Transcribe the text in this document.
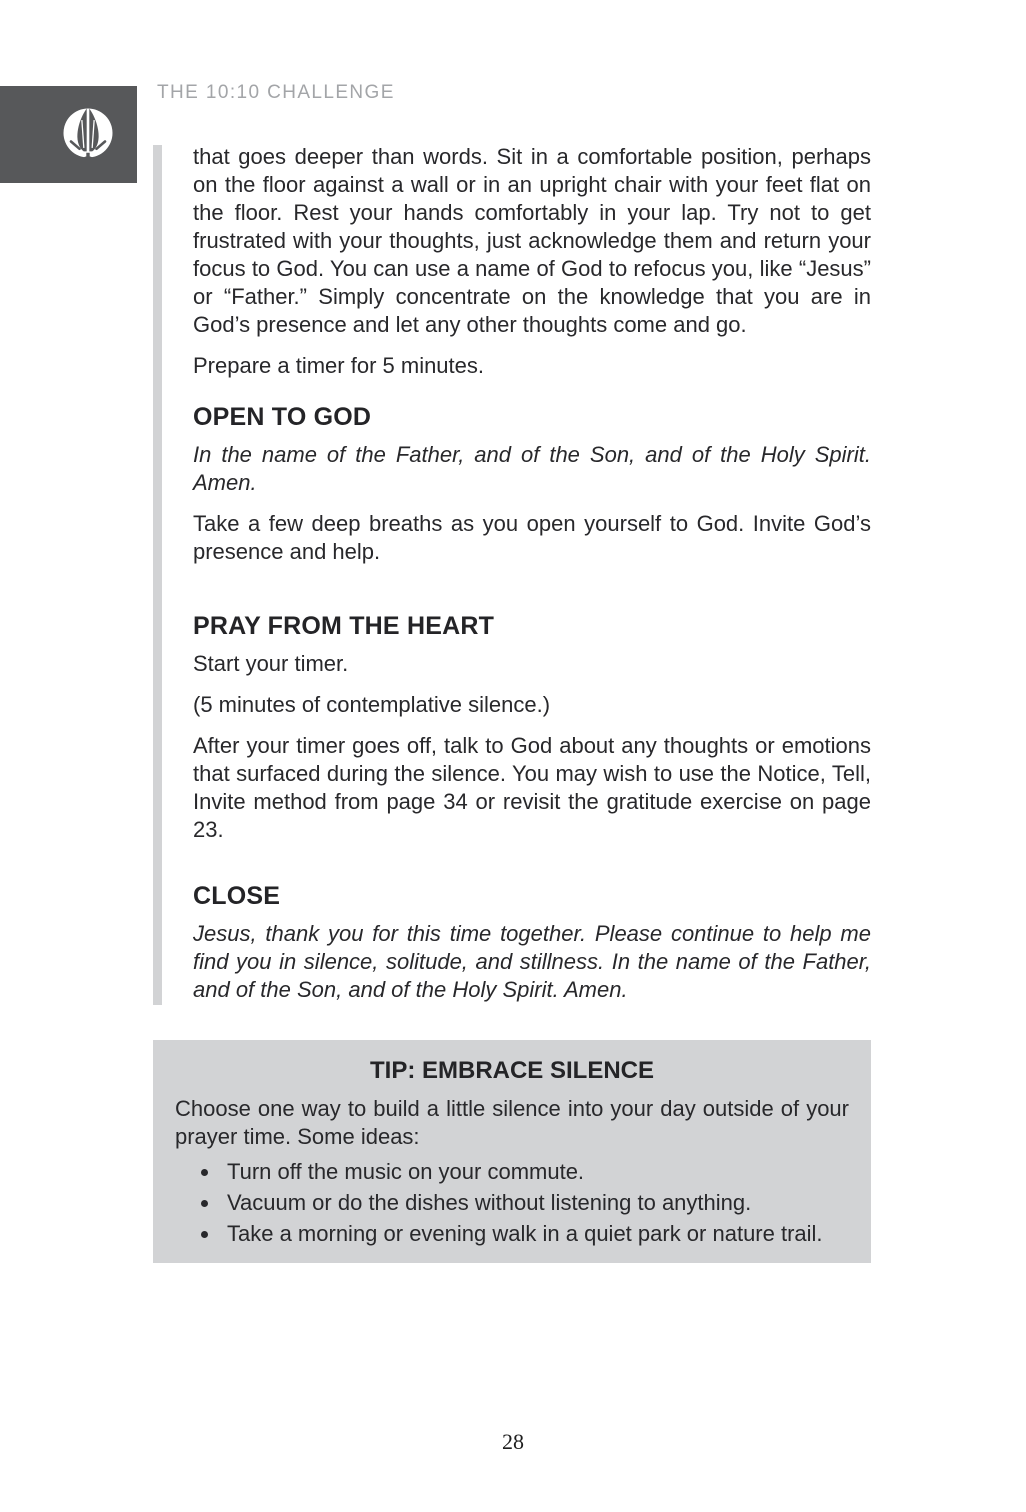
THE 10:10 CHALLENGE

that goes deeper than words. Sit in a comfortable position, perhaps on the floor against a wall or in an upright chair with your feet flat on the floor. Rest your hands comfortably in your lap. Try not to get frustrated with your thoughts, just acknowledge them and return your focus to God. You can use a name of God to refocus you, like “Jesus” or “Father.” Simply concentrate on the knowledge that you are in God’s presence and let any other thoughts come and go.

Prepare a timer for 5 minutes.

OPEN TO GOD

In the name of the Father, and of the Son, and of the Holy Spirit. Amen.

Take a few deep breaths as you open yourself to God. Invite God’s presence and help.

PRAY FROM THE HEART

Start your timer.

(5 minutes of contemplative silence.)

After your timer goes off, talk to God about any thoughts or emotions that surfaced during the silence. You may wish to use the Notice, Tell, Invite method from page 34 or revisit the gratitude exercise on page 23.

CLOSE

Jesus, thank you for this time together. Please continue to help me find you in silence, solitude, and stillness. In the name of the Father, and of the Son, and of the Holy Spirit. Amen.

TIP: EMBRACE SILENCE

Choose one way to build a little silence into your day outside of your prayer time. Some ideas:

• Turn off the music on your commute.
• Vacuum or do the dishes without listening to anything.
• Take a morning or evening walk in a quiet park or nature trail.
28
